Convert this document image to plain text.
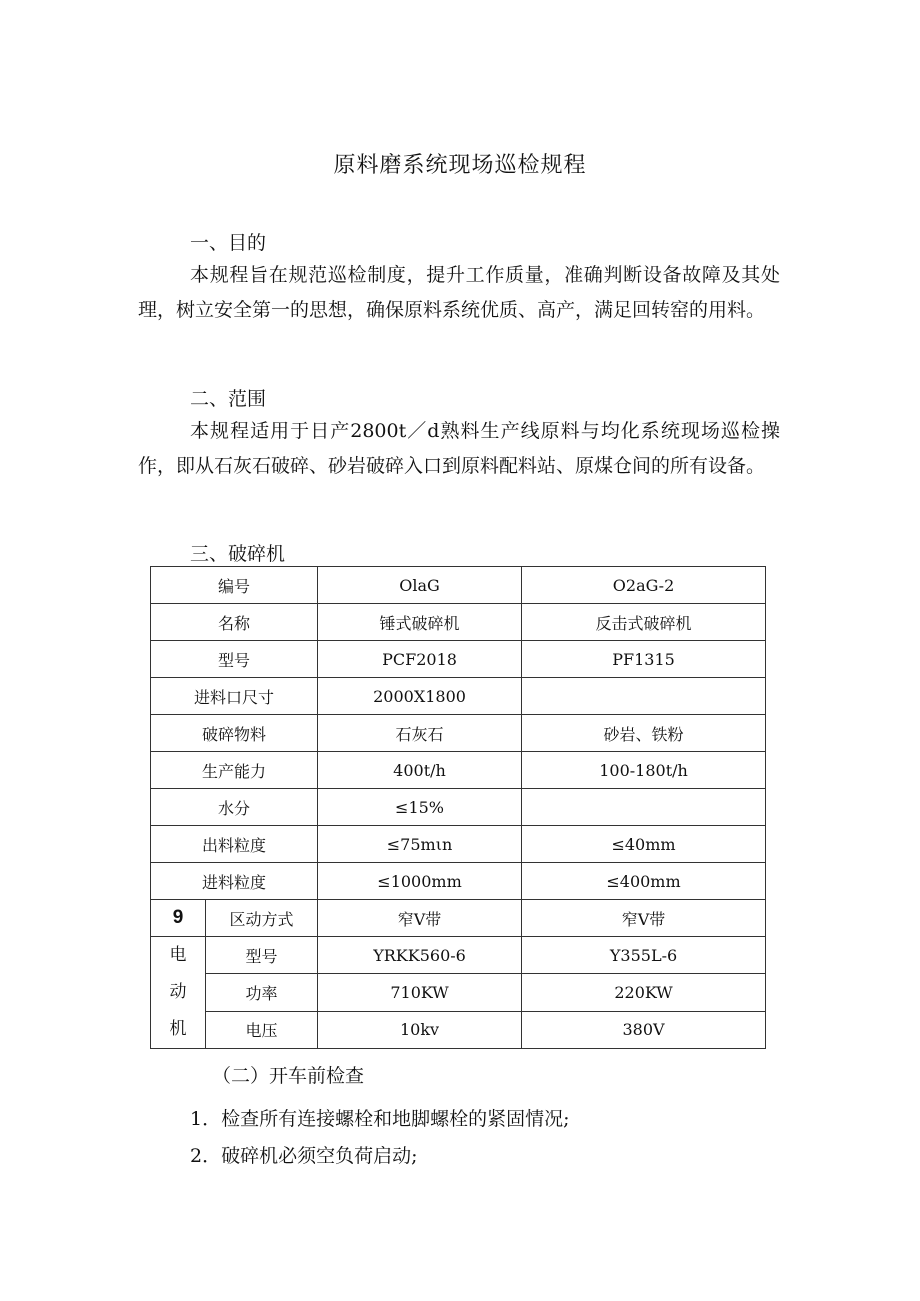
原料磨系统现场巡检规程
一、目的
本规程旨在规范巡检制度，提升工作质量，准确判断设备故障及其处理，树立安全第一的思想，确保原料系统优质、高产，满足回转窑的用料。
二、范围
本规程适用于日产2800t／d熟料生产线原料与均化系统现场巡检操作，即从石灰石破碎、砂岩破碎入口到原料配料站、原煤仓间的所有设备。
三、破碎机
编号		OlaG	O2aG-2
名称		锤式破碎机	反击式破碎机
型号		PCF2018	PF1315
进料口尺寸		2000X1800	
破碎物料		石灰石	砂岩、铁粉
生产能力		400t/h	100-180t/h
水分		≤15%	
出料粒度		≤75mιn	≤40mm
进料粒度		≤1000mm	≤400mm
9	区动方式	窄V带	窄V带

电
动
机	型号	YRKK560-6	Y355L-6
	功率	710KW	220KW
	电压	10kv	380V
（二）开车前检查
1．检查所有连接螺栓和地脚螺栓的紧固情况;
2．破碎机必须空负荷启动;
